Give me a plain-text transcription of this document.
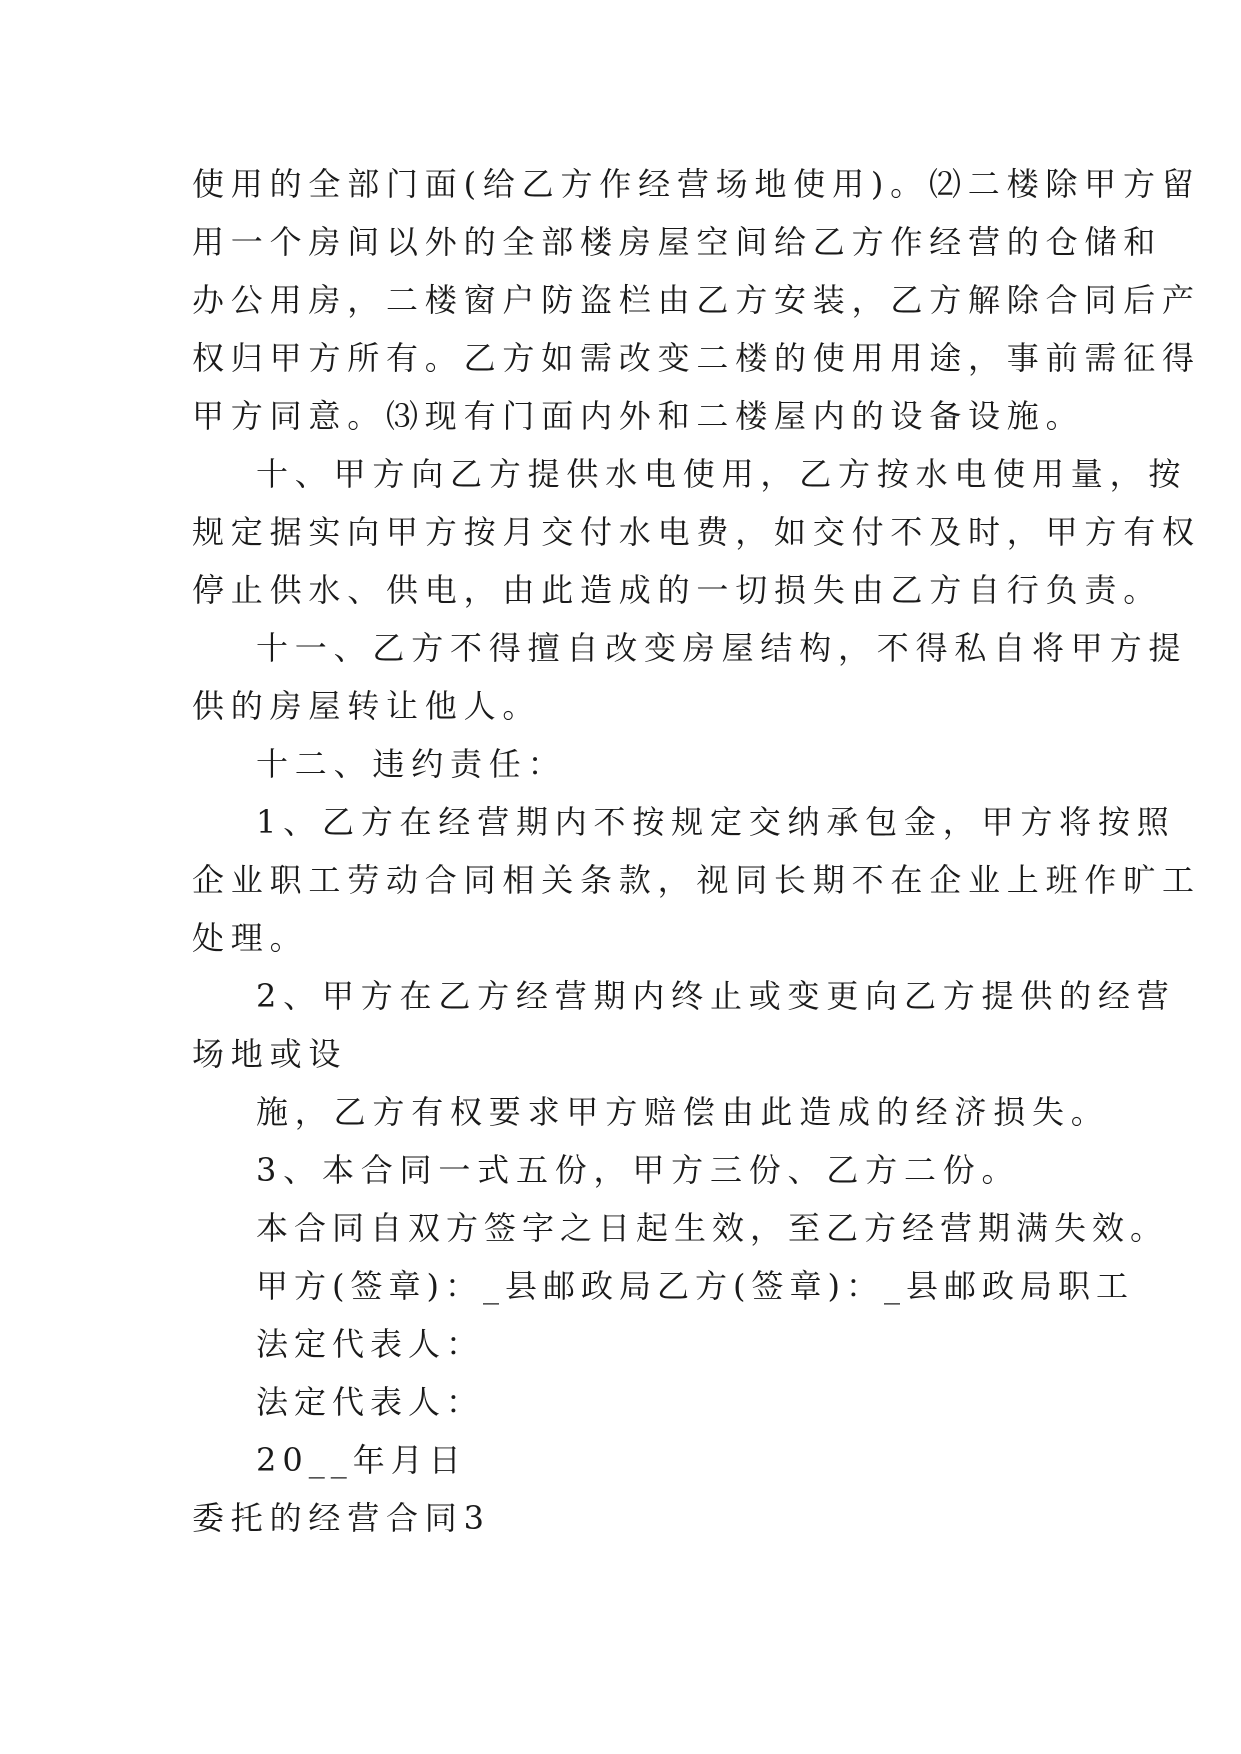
使用的全部门面(给乙方作经营场地使用)。⑵二楼除甲方留
用一个房间以外的全部楼房屋空间给乙方作经营的仓储和
办公用房，二楼窗户防盗栏由乙方安装，乙方解除合同后产
权归甲方所有。乙方如需改变二楼的使用用途，事前需征得
甲方同意。⑶现有门面内外和二楼屋内的设备设施。
十、甲方向乙方提供水电使用，乙方按水电使用量，按
规定据实向甲方按月交付水电费，如交付不及时，甲方有权
停止供水、供电，由此造成的一切损失由乙方自行负责。
十一、乙方不得擅自改变房屋结构，不得私自将甲方提
供的房屋转让他人。
十二、违约责任：
1、乙方在经营期内不按规定交纳承包金，甲方将按照
企业职工劳动合同相关条款，视同长期不在企业上班作旷工
处理。
2、甲方在乙方经营期内终止或变更向乙方提供的经营
场地或设
施，乙方有权要求甲方赔偿由此造成的经济损失。
3、本合同一式五份，甲方三份、乙方二份。
本合同自双方签字之日起生效，至乙方经营期满失效。
甲方(签章)：_县邮政局乙方(签章)：_县邮政局职工
法定代表人：
法定代表人：
20__年月日
委托的经营合同3
